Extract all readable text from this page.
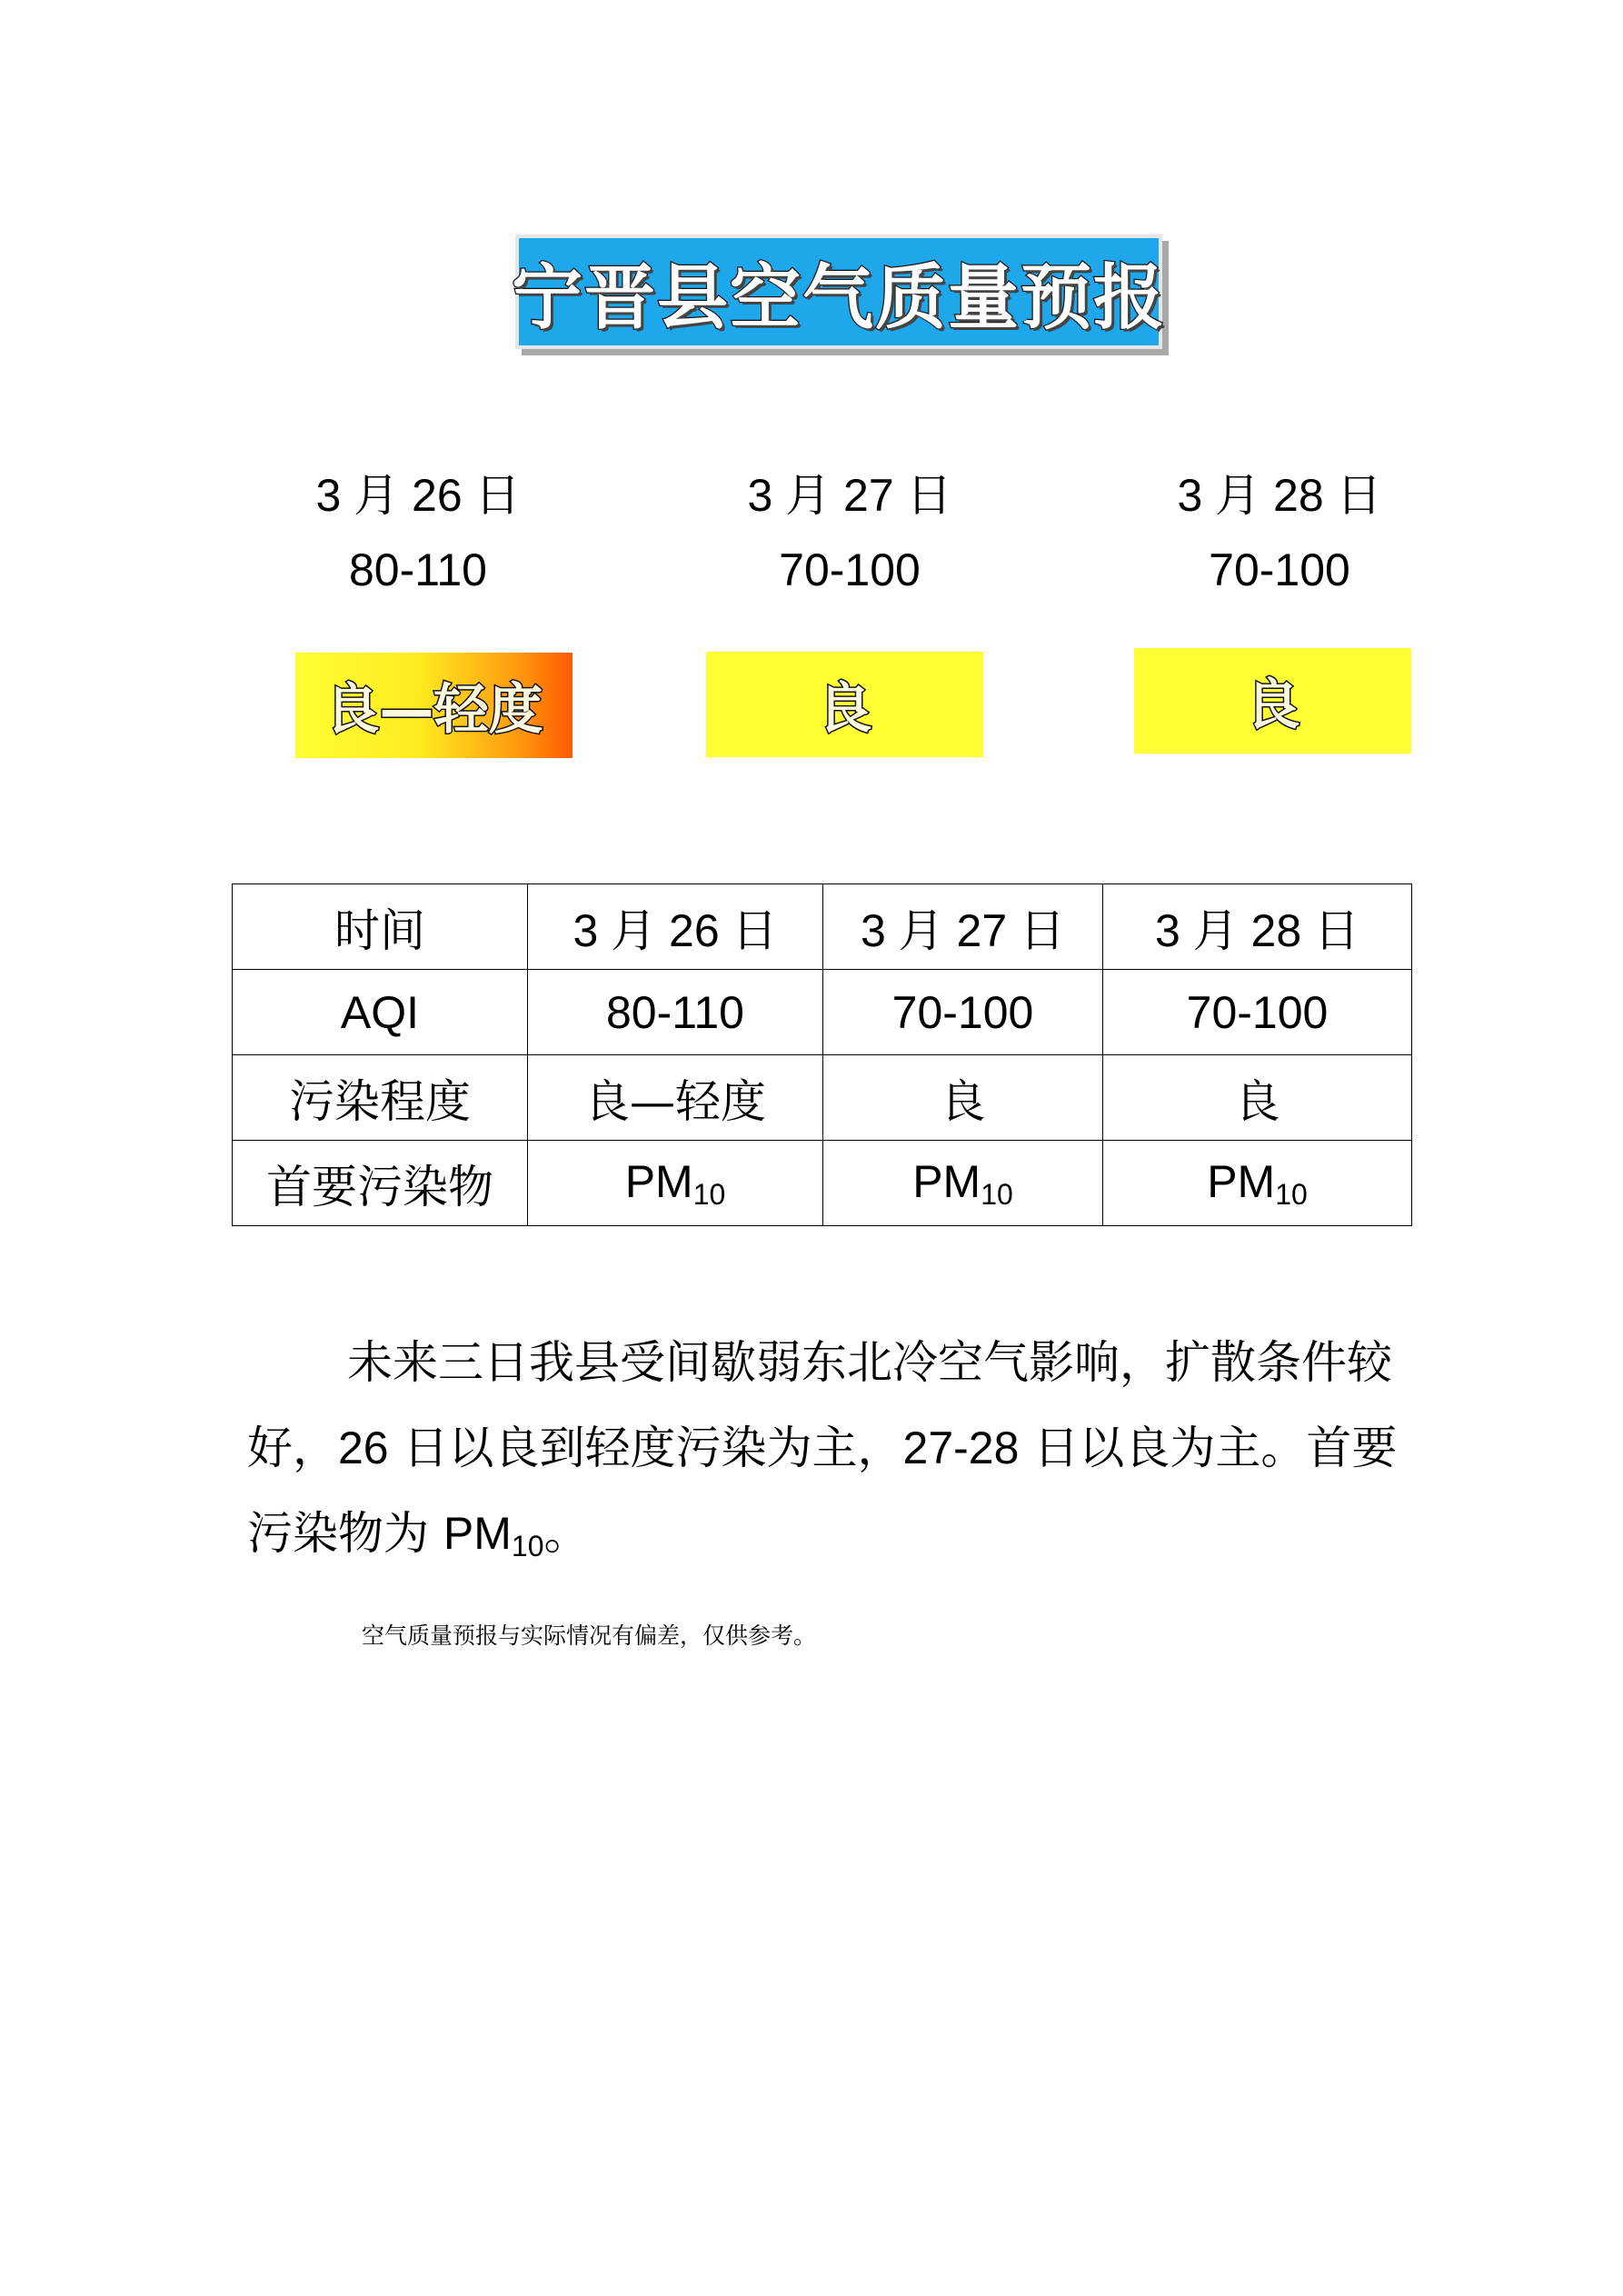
宁晋县空气质量预报
3 月 26 日
80-110
良—轻度
3 月 27 日
70-100
良
3 月 28 日
70-100
良
时间	3 月 26 日	3 月 27 日	3 月 28 日
AQI	80-110	70-100	70-100
污染程度	良—轻度	良	良
首要污染物	$PM_{10}$	$PM_{10}$	$PM_{10}$
未来三日我县受间歇弱东北冷空气影响，扩散条件较好，26 日以良到轻度污染为主，27-28 日以良为主。首要污染物为 $PM_{10}$。
空气质量预报与实际情况有偏差，仅供参考。
